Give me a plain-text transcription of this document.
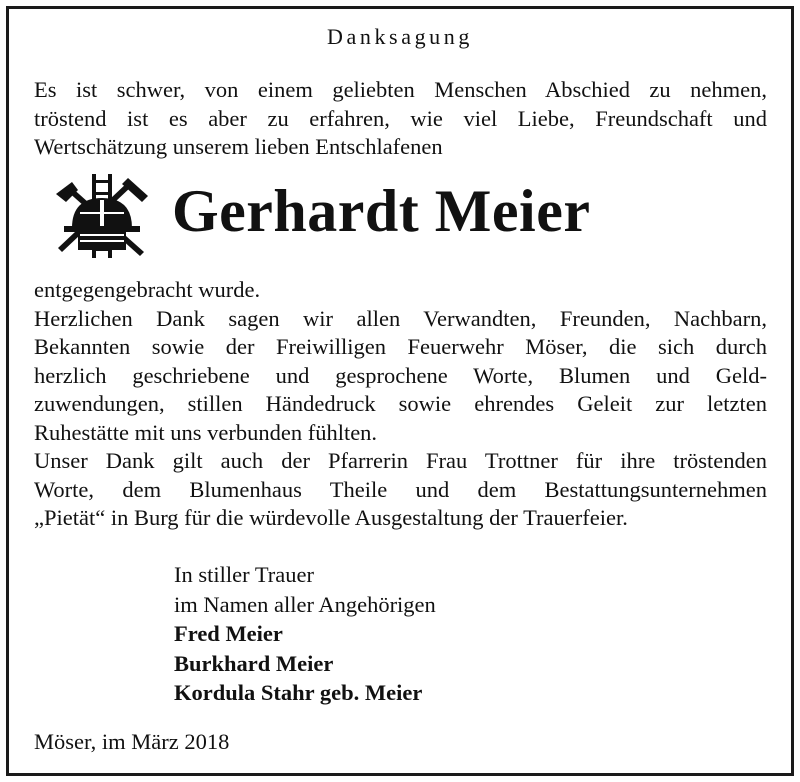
Danksagung
Es ist schwer, von einem geliebten Menschen Abschied zu nehmen,
tröstend ist es aber zu erfahren, wie viel Liebe, Freundschaft und
Wertschätzung unserem lieben Entschlafenen
Gerhardt Meier
entgegengebracht wurde.
Herzlichen Dank sagen wir allen Verwandten, Freunden, Nachbarn,
Bekannten sowie der Freiwilligen Feuerwehr Möser, die sich durch
herzlich geschriebene und gesprochene Worte, Blumen und Geld-
zuwendungen, stillen Händedruck sowie ehrendes Geleit zur letzten
Ruhestätte mit uns verbunden fühlten.
Unser Dank gilt auch der Pfarrerin Frau Trottner für ihre tröstenden
Worte, dem Blumenhaus Theile und dem Bestattungsunternehmen
„Pietät“ in Burg für die würdevolle Ausgestaltung der Trauerfeier.
In stiller Trauer
im Namen aller Angehörigen
Fred Meier
Burkhard Meier
Kordula Stahr geb. Meier
Möser, im März 2018
